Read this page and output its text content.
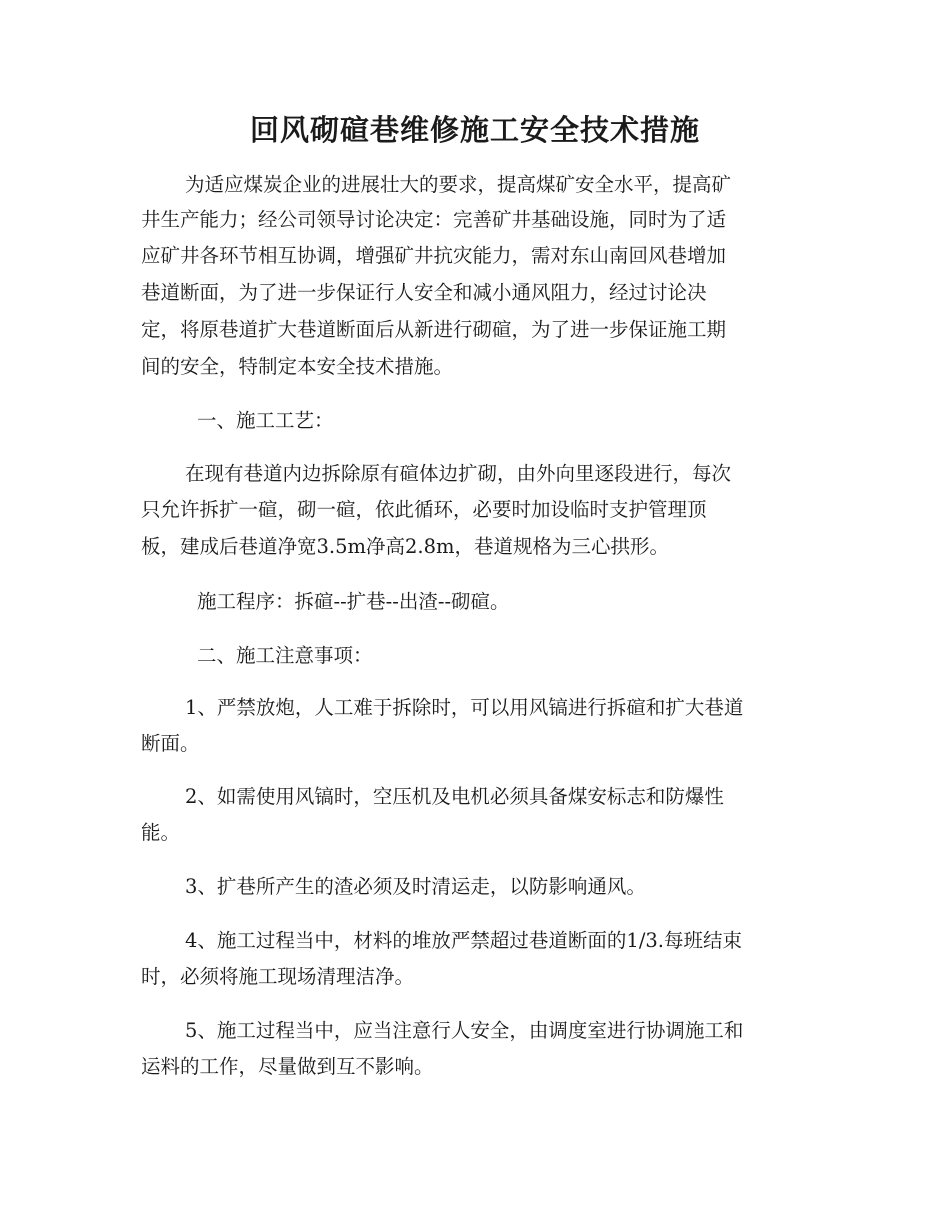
回风砌碹巷维修施工安全技术措施

为适应煤炭企业的进展壮大的要求，提高煤矿安全水平，提高矿

井生产能力；经公司领导讨论决定：完善矿井基础设施，同时为了适

应矿井各环节相互协调，增强矿井抗灾能力，需对东山南回风巷增加

巷道断面，为了进一步保证行人安全和减小通风阻力，经过讨论决

定，将原巷道扩大巷道断面后从新进行砌碹，为了进一步保证施工期

间的安全，特制定本安全技术措施。

一、施工工艺：

在现有巷道内边拆除原有碹体边扩砌，由外向里逐段进行，每次

只允许拆扩一碹，砌一碹，依此循环，必要时加设临时支护管理顶

板，建成后巷道净宽3.5m净高2.8m，巷道规格为三心拱形。

施工程序：拆碹--扩巷--出渣--砌碹。

二、施工注意事项：

1、严禁放炮，人工难于拆除时，可以用风镐进行拆碹和扩大巷道

断面。

2、如需使用风镐时，空压机及电机必须具备煤安标志和防爆性

能。

3、扩巷所产生的渣必须及时清运走，以防影响通风。

4、施工过程当中，材料的堆放严禁超过巷道断面的1/3.每班结束

时，必须将施工现场清理洁净。

5、施工过程当中，应当注意行人安全，由调度室进行协调施工和

运料的工作，尽量做到互不影响。
